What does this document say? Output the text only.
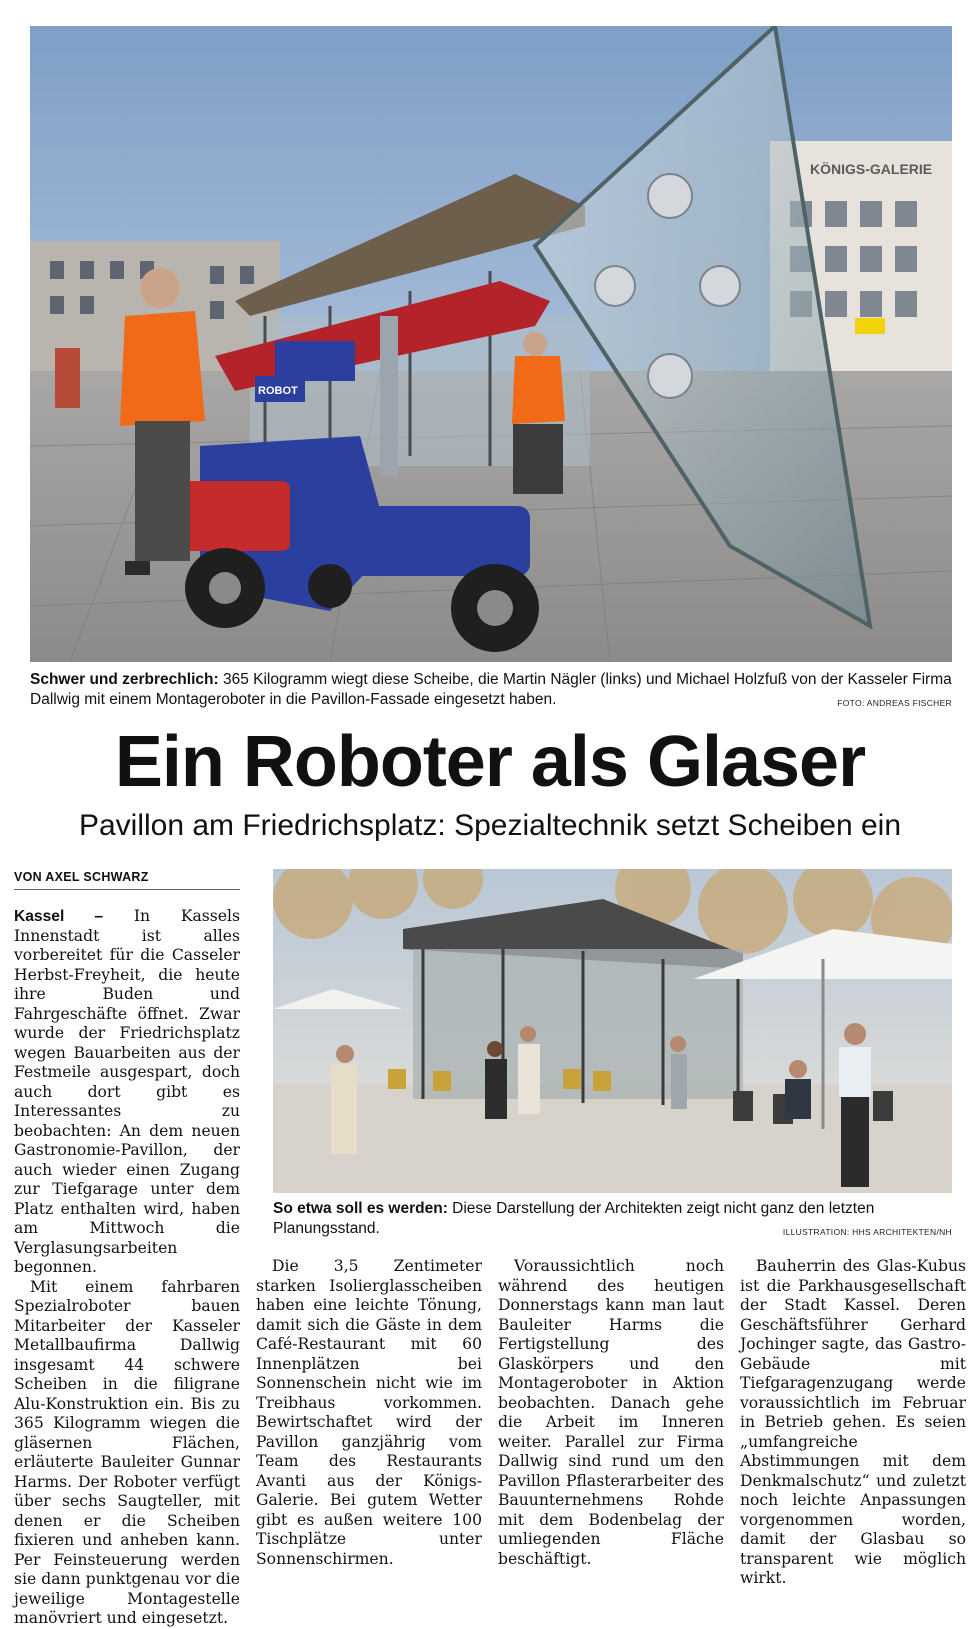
KÖNIGS-GALERIE
ROBOT
Schwer und zerbrechlich: 365 Kilogramm wiegt diese Scheibe, die Martin Nägler (links) und Michael Holzfuß von der Kasseler Firma Dallwig mit einem Montageroboter in die Pavillon-Fassade eingesetzt haben.	FOTO: ANDREAS FISCHER
Ein Roboter als Glaser
Pavillon am Friedrichsplatz: Spezialtechnik setzt Scheiben ein
VON AXEL SCHWARZ

Kassel – In Kassels Innenstadt ist alles vorbereitet für die Casseler Herbst-Freyheit, die heute ihre Buden und Fahrgeschäfte öffnet. Zwar wurde der Friedrichsplatz wegen Bauarbeiten aus der Festmeile ausgespart, doch auch dort gibt es Interessantes zu beobachten: An dem neuen Gastronomie-Pavillon, der auch wieder einen Zugang zur Tiefgarage unter dem Platz enthalten wird, haben am Mittwoch die Verglasungsarbeiten begonnen.

Mit einem fahrbaren Spezialroboter bauen Mitarbeiter der Kasseler Metallbaufirma Dallwig insgesamt 44 schwere Scheiben in die filigrane Alu-Konstruktion ein. Bis zu 365 Kilogramm wiegen die gläsernen Flächen, erläuterte Bauleiter Gunnar Harms. Der Roboter verfügt über sechs Saugteller, mit denen er die Scheiben fixieren und anheben kann. Per Feinsteuerung werden sie dann punktgenau vor die jeweilige Montagestelle manövriert und eingesetzt.

So etwa soll es werden: Diese Darstellung der Architekten zeigt nicht ganz den letzten Planungsstand.	ILLUSTRATION: HHS ARCHITEKTEN/NH

Die 3,5 Zentimeter starken Isolierglasscheiben haben eine leichte Tönung, damit sich die Gäste in dem Café-Restaurant mit 60 Innenplätzen bei Sonnenschein nicht wie im Treibhaus vorkommen. Bewirtschaftet wird der Pavillon ganzjährig vom Team des Restaurants Avanti aus der Königs-Galerie. Bei gutem Wetter gibt es außen weitere 100 Tischplätze unter Sonnenschirmen.

Voraussichtlich noch während des heutigen Donnerstags kann man laut Bauleiter Harms die Fertigstellung des Glaskörpers und den Montageroboter in Aktion beobachten. Danach gehe die Arbeit im Inneren weiter. Parallel zur Firma Dallwig sind rund um den Pavillon Pflasterarbeiter des Bauunternehmens Rohde mit dem Bodenbelag der umliegenden Fläche beschäftigt.

Bauherrin des Glas-Kubus ist die Parkhausgesellschaft der Stadt Kassel. Deren Geschäftsführer Gerhard Jochinger sagte, das Gastro-Gebäude mit Tiefgaragenzugang werde voraussichtlich im Februar in Betrieb gehen. Es seien „umfangreiche Abstimmungen mit dem Denkmalschutz“ und zuletzt noch leichte Anpassungen vorgenommen worden, damit der Glasbau so transparent wie möglich wirkt.
